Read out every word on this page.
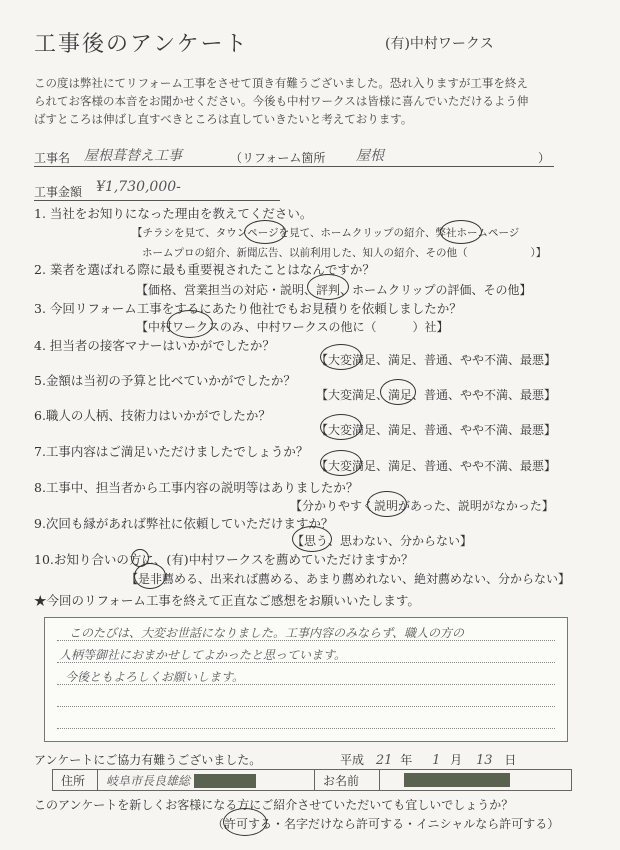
工事後のアンケート	(有)中村ワークス
この度は弊社にてリフォーム工事をさせて頂き有難うございました。恐れ入りますが工事を終え
られてお客様の本音をお聞かせください。今後も中村ワークスは皆様に喜んでいただけるよう伸
ばすところは伸ばし直すべきところは直していきたいと考えております。
工事名 屋根葺替え工事	（リフォーム箇所 屋根	）
工事金額 ¥1,730,000-
1. 当社をお知りになった理由を教えてください。
【チラシを見て、タウンページを見て、ホームクリップの紹介、弊社ホームページ
ホームプロの紹介、新聞広告、以前利用した、知人の紹介、その他（　　　　　　）】
2. 業者を選ばれる際に最も重要視されたことはなんですか？
【価格、営業担当の対応・説明、評判、ホームクリップの評価、その他】
3. 今回リフォーム工事をするにあたり他社でもお見積りを依頼しましたか？
【中村ワークスのみ、中村ワークスの他に（　　　）社】
4. 担当者の接客マナーはいかがでしたか？
【大変満足、満足、普通、やや不満、最悪】
5.金額は当初の予算と比べていかがでしたか？
【大変満足、満足、普通、やや不満、最悪】
6.職人の人柄、技術力はいかがでしたか？
【大変満足、満足、普通、やや不満、最悪】
7.工事内容はご満足いただけましたでしょうか？
【大変満足、満足、普通、やや不満、最悪】
8.工事中、担当者から工事内容の説明等はありましたか？
【分かりやすく説明があった、説明がなかった】
9.次回も縁があれば弊社に依頼していただけますか？
【思う、思わない、分からない】
10.お知り合いの方に、(有)中村ワークスを薦めていただけますか？
【是非薦める、出来れば薦める、あまり薦めれない、絶対薦めない、分からない】
★今回のリフォーム工事を終えて正直なご感想をお願いいたします。
このたびは、大変お世話になりました。工事内容のみならず、職人の方の
人柄等御社におまかせしてよかったと思っています。
今後ともよろしくお願いします。
アンケートにご協力有難うございました。	平成 21 年 1 月 13 日
住所	岐阜市長良雄総	お名前	
このアンケートを新しくお客様になる方にご紹介させていただいても宜しいでしょうか？
（許可する・名字だけなら許可する・イニシャルなら許可する）
